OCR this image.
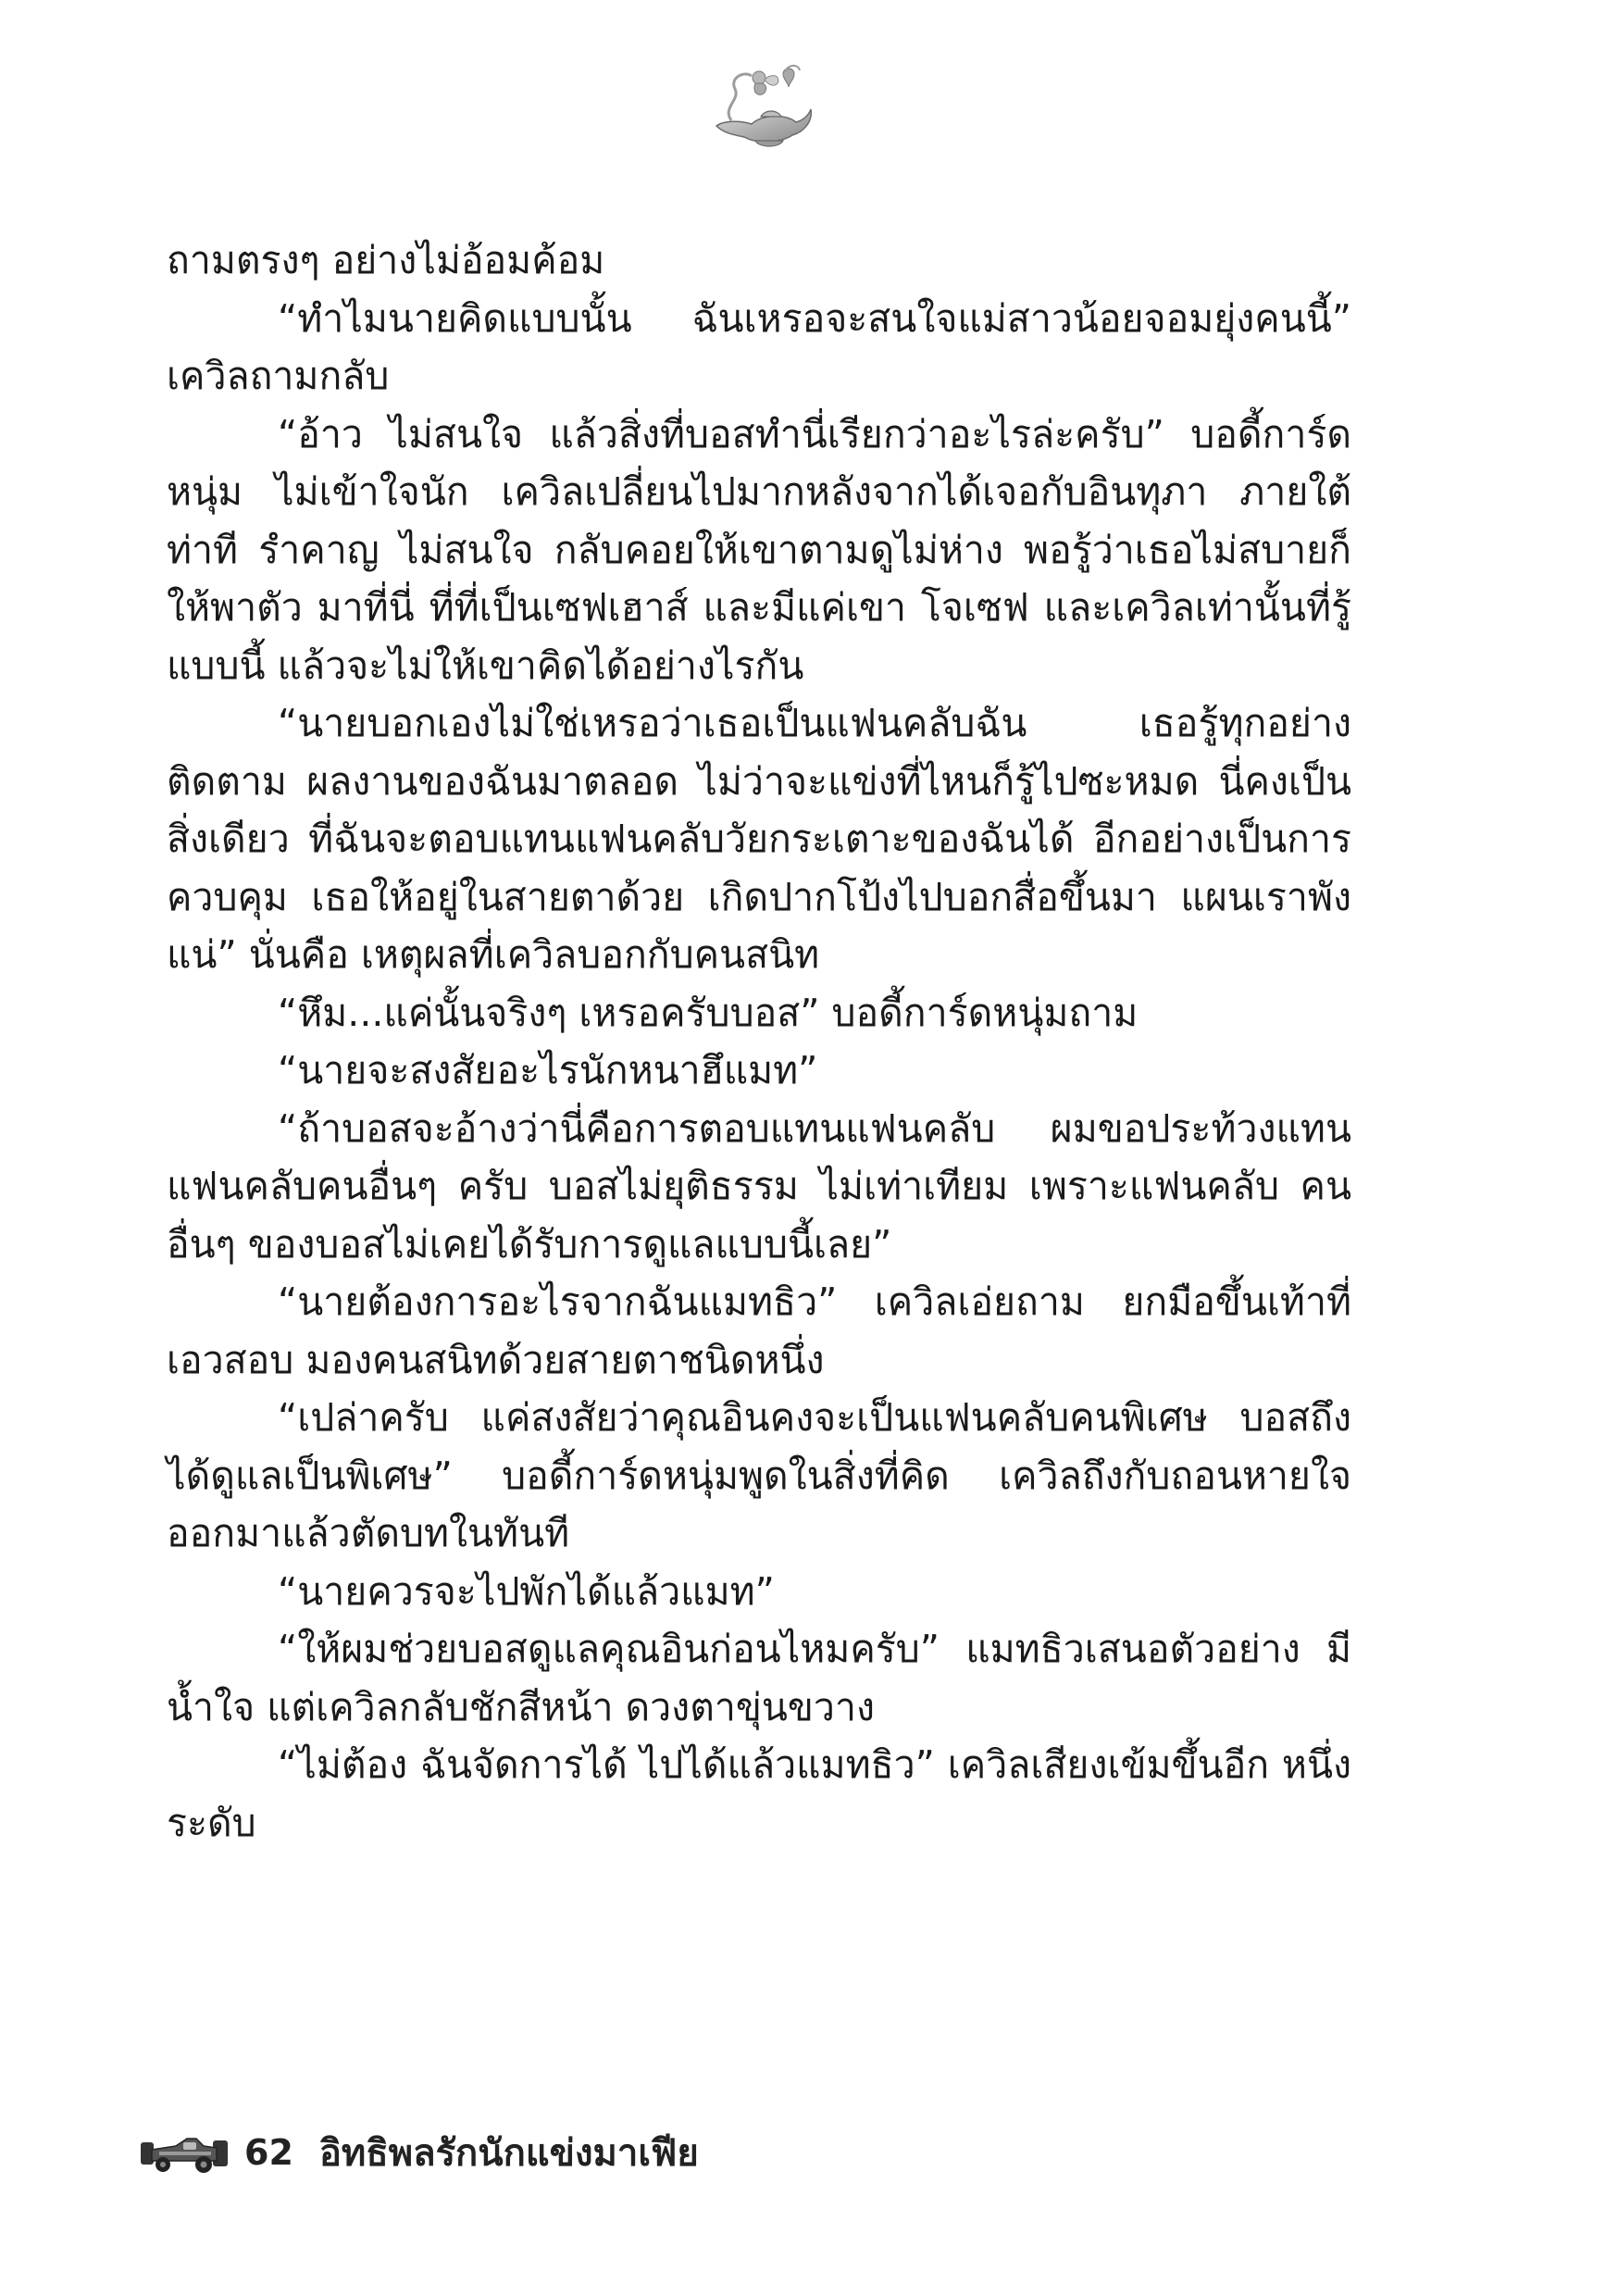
ถามตรงๆ อย่างไม่อ้อมค้อม

“ทำไมนายคิดแบบนั้น ฉันเหรอจะสนใจแม่สาวน้อยจอมยุ่งคนนี้” เควิลถามกลับ

“อ้าว ไม่สนใจ แล้วสิ่งที่บอสทำนี่เรียกว่าอะไรล่ะครับ” บอดี้การ์ดหนุ่ม ไม่เข้าใจนัก เควิลเปลี่ยนไปมากหลังจากได้เจอกับอินทุภา ภายใต้ท่าที รำคาญ ไม่สนใจ กลับคอยให้เขาตามดูไม่ห่าง พอรู้ว่าเธอไม่สบายก็ให้พาตัว มาที่นี่ ที่ที่เป็นเซฟเฮาส์ และมีแค่เขา โจเซฟ และเควิลเท่านั้นที่รู้ แบบนี้ แล้วจะไม่ให้เขาคิดได้อย่างไรกัน

“นายบอกเองไม่ใช่เหรอว่าเธอเป็นแฟนคลับฉัน เธอรู้ทุกอย่าง ติดตาม ผลงานของฉันมาตลอด ไม่ว่าจะแข่งที่ไหนก็รู้ไปซะหมด นี่คงเป็นสิ่งเดียว ที่ฉันจะตอบแทนแฟนคลับวัยกระเตาะของฉันได้ อีกอย่างเป็นการควบคุม เธอให้อยู่ในสายตาด้วย เกิดปากโป้งไปบอกสื่อขึ้นมา แผนเราพังแน่” นั่นคือ เหตุผลที่เควิลบอกกับคนสนิท

“หึม...แค่นั้นจริงๆ เหรอครับบอส” บอดี้การ์ดหนุ่มถาม

“นายจะสงสัยอะไรนักหนาฮึแมท”

“ถ้าบอสจะอ้างว่านี่คือการตอบแทนแฟนคลับ ผมขอประท้วงแทน แฟนคลับคนอื่นๆ ครับ บอสไม่ยุติธรรม ไม่เท่าเทียม เพราะแฟนคลับ คนอื่นๆ ของบอสไม่เคยได้รับการดูแลแบบนี้เลย”

“นายต้องการอะไรจากฉันแมทธิว” เควิลเอ่ยถาม ยกมือขึ้นเท้าที่ เอวสอบ มองคนสนิทด้วยสายตาชนิดหนึ่ง

“เปล่าครับ แค่สงสัยว่าคุณอินคงจะเป็นแฟนคลับคนพิเศษ บอสถึง ได้ดูแลเป็นพิเศษ” บอดี้การ์ดหนุ่มพูดในสิ่งที่คิด เควิลถึงกับถอนหายใจ ออกมาแล้วตัดบทในทันที

“นายควรจะไปพักได้แล้วแมท”

“ให้ผมช่วยบอสดูแลคุณอินก่อนไหมครับ” แมทธิวเสนอตัวอย่าง มีน้ำใจ แต่เควิลกลับชักสีหน้า ดวงตาขุ่นขวาง

“ไม่ต้อง ฉันจัดการได้ ไปได้แล้วแมทธิว” เควิลเสียงเข้มขึ้นอีก หนึ่งระดับ

62 อิทธิพลรักนักแข่งมาเฟีย
